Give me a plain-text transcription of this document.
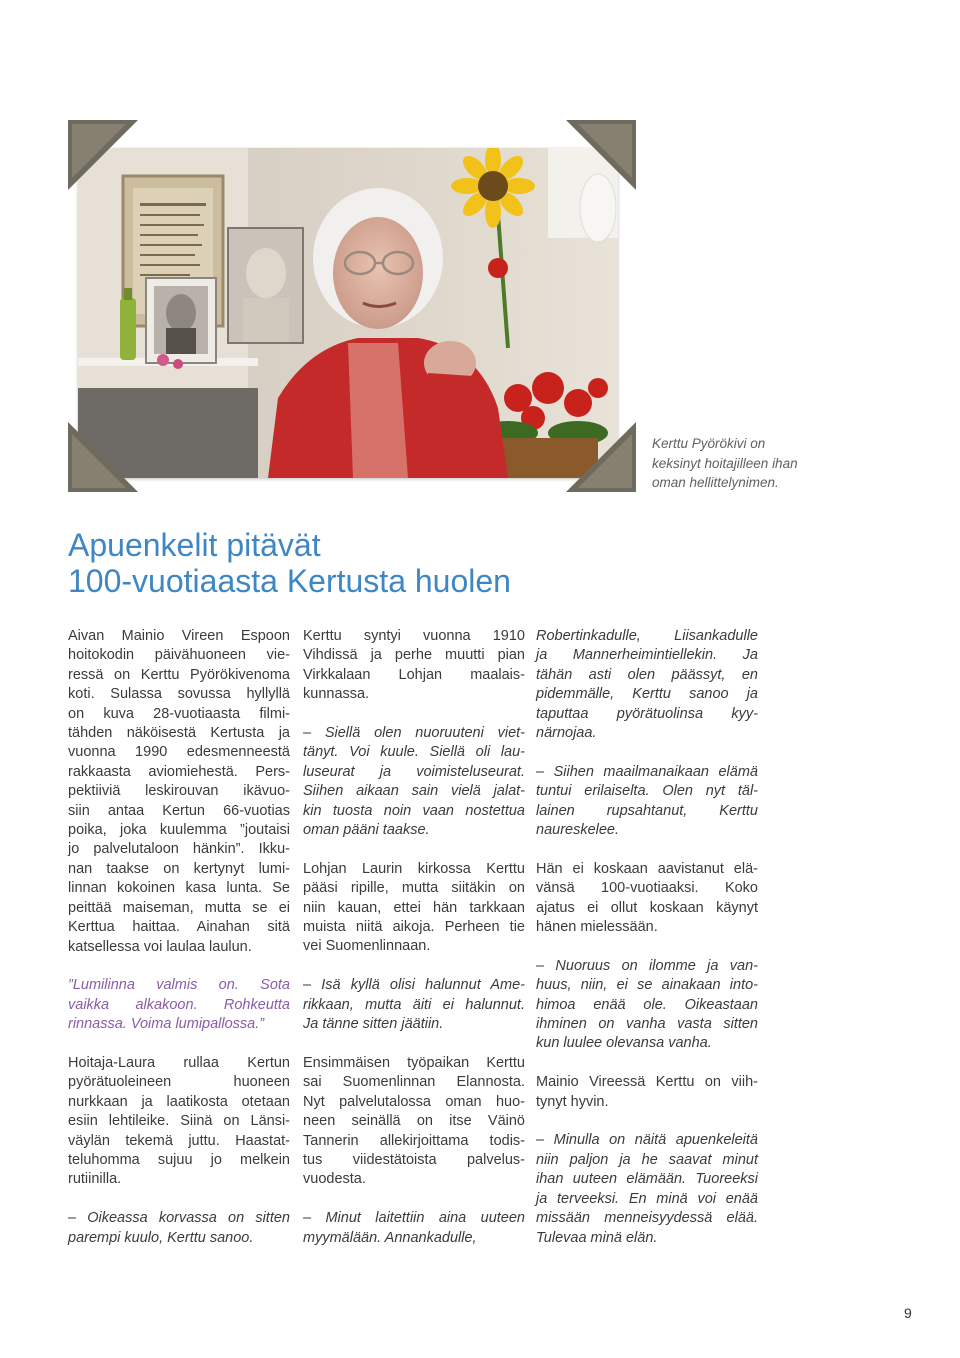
Kerttu Pyörökivi on
keksinyt hoitajilleen ihan
oman hellittelynimen.
Apuenkelit pitävät
100-vuotiaasta Kertusta huolen

Aivan Mainio Vireen Espoon
hoitokodin päivähuoneen vie-
ressä on Kerttu Pyörökivenoma
koti. Sulassa sovussa hyllyllä
on kuva 28-vuotiaasta filmi-
tähden näköisestä Kertusta ja
vuonna 1990 edesmenneestä
rakkaasta aviomiehestä. Pers-
pektiiviä leskirouvan ikävuo-
siin antaa Kertun 66-vuotias
poika, joka kuulemma ”joutaisi
jo palvelutaloon hänkin”. Ikku-
nan taakse on kertynyt lumi-
linnan kokoinen kasa lunta. Se
peittää maiseman, mutta se ei
Kerttua haittaa. Ainahan sitä
katsellessa voi laulaa laulun.

”Lumilinna valmis on. Sota
vaikka alkakoon. Rohkeutta
rinnassa. Voima lumipallossa.”

Hoitaja-Laura rullaa Kertun
pyörätuoleineen huoneen
nurkkaan ja laatikosta otetaan
esiin lehtileike. Siinä on Länsi-
väylän tekemä juttu. Haastat-
teluhomma sujuu jo melkein
rutiinilla.

– Oikeassa korvassa on sitten
parempi kuulo, Kerttu sanoo.

Kerttu syntyi vuonna 1910
Vihdissä ja perhe muutti pian
Virkkalaan Lohjan maalais-
kunnassa.

– Siellä olen nuoruuteni viet-
tänyt. Voi kuule. Siellä oli lau-
luseurat ja voimisteluseurat.
Siihen aikaan sain vielä jalat-
kin tuosta noin vaan nostettua
oman pääni taakse.

Lohjan Laurin kirkossa Kerttu
pääsi ripille, mutta siitäkin on
niin kauan, ettei hän tarkkaan
muista niitä aikoja. Perheen tie
vei Suomenlinnaan.

– Isä kyllä olisi halunnut Ame-
rikkaan, mutta äiti ei halunnut.
Ja tänne sitten jäätiin.

Ensimmäisen työpaikan Kerttu
sai Suomenlinnan Elannosta.
Nyt palvelutalossa oman huo-
neen seinällä on itse Väinö
Tannerin allekirjoittama todis-
tus viidestätoista palvelus-
vuodesta.

– Minut laitettiin aina uuteen
myymälään. Annankadulle,

Robertinkadulle, Liisankadulle
ja Mannerheimintiellekin. Ja
tähän asti olen päässyt, en
pidemmälle, Kerttu sanoo ja
taputtaa pyörätuolinsa kyy-
närnojaa.

– Siihen maailmanaikaan elämä
tuntui erilaiselta. Olen nyt täl-
lainen rupsahtanut, Kerttu
naureskelee.

Hän ei koskaan aavistanut elä-
vänsä 100-vuotiaaksi. Koko
ajatus ei ollut koskaan käynyt
hänen mielessään.

– Nuoruus on ilomme ja van-
huus, niin, ei se ainakaan into-
himoa enää ole. Oikeastaan
ihminen on vanha vasta sitten
kun luulee olevansa vanha.

Mainio Vireessä Kerttu on viih-
tynyt hyvin.

– Minulla on näitä apuenkeleitä
niin paljon ja he saavat minut
ihan uuteen elämään. Tuoreeksi
ja terveeksi. En minä voi enää
missään menneisyydessä elää.
Tulevaa minä elän.

9
